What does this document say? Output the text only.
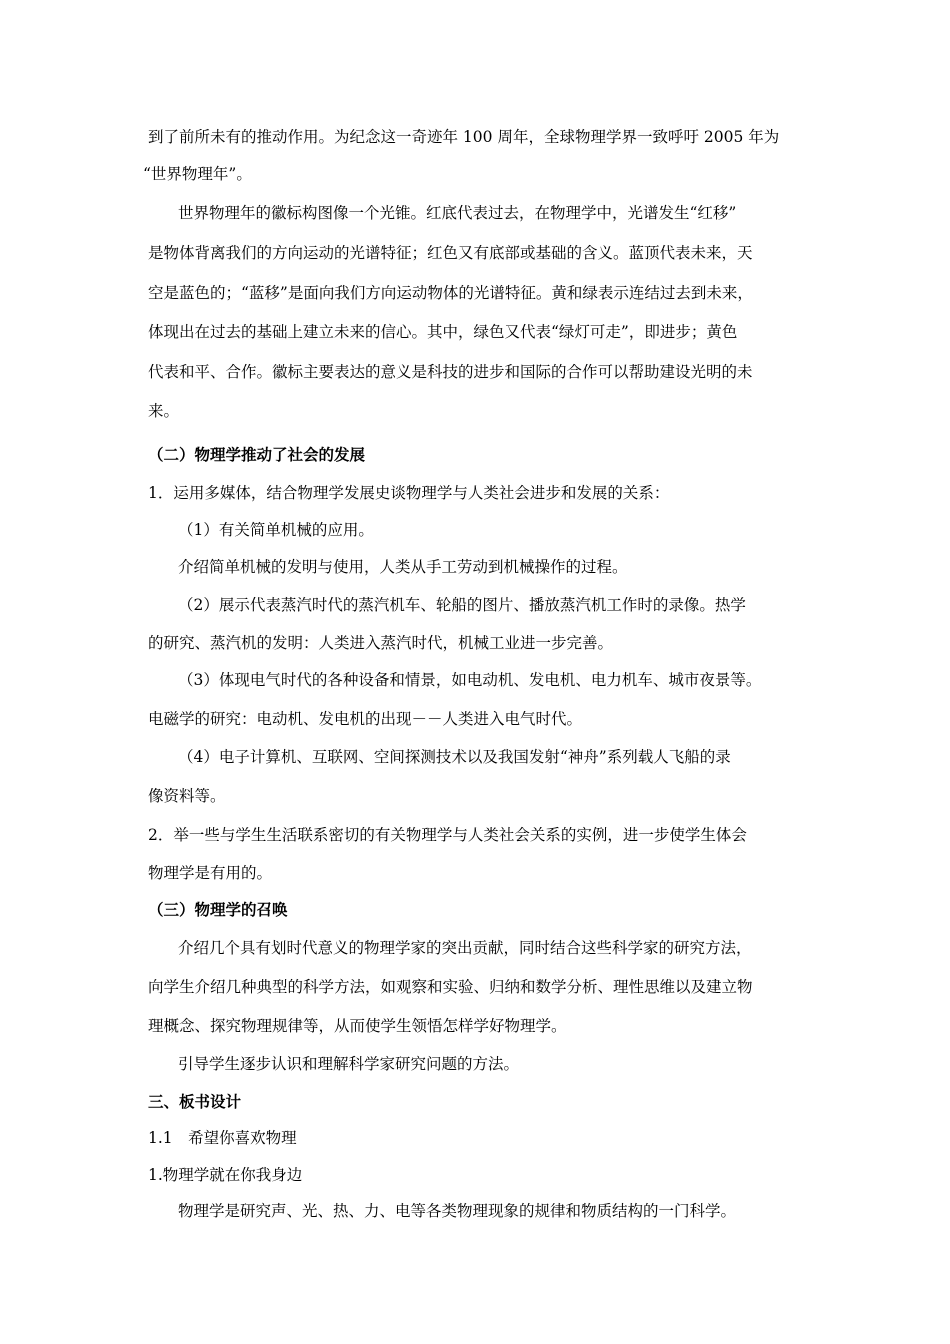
到了前所未有的推动作用。为纪念这一奇迹年 100 周年，全球物理学界一致呼吁 2005 年为
“世界物理年”。
世界物理年的徽标构图像一个光锥。红底代表过去，在物理学中，光谱发生“红移”
是物体背离我们的方向运动的光谱特征；红色又有底部或基础的含义。蓝顶代表未来，天
空是蓝色的；“蓝移”是面向我们方向运动物体的光谱特征。黄和绿表示连结过去到未来，
体现出在过去的基础上建立未来的信心。其中，绿色又代表“绿灯可走”，即进步；黄色
代表和平、合作。徽标主要表达的意义是科技的进步和国际的合作可以帮助建设光明的未
来。
（二）物理学推动了社会的发展
1．运用多媒体，结合物理学发展史谈物理学与人类社会进步和发展的关系：
（1）有关简单机械的应用。
介绍简单机械的发明与使用，人类从手工劳动到机械操作的过程。
（2）展示代表蒸汽时代的蒸汽机车、轮船的图片、播放蒸汽机工作时的录像。热学
的研究、蒸汽机的发明：人类进入蒸汽时代，机械工业进一步完善。
（3）体现电气时代的各种设备和情景，如电动机、发电机、电力机车、城市夜景等。
电磁学的研究：电动机、发电机的出现－－人类进入电气时代。
（4）电子计算机、互联网、空间探测技术以及我国发射“神舟”系列载人飞船的录
像资料等。
2．举一些与学生生活联系密切的有关物理学与人类社会关系的实例，进一步使学生体会
物理学是有用的。
（三）物理学的召唤
介绍几个具有划时代意义的物理学家的突出贡献，同时结合这些科学家的研究方法，
向学生介绍几种典型的科学方法，如观察和实验、归纳和数学分析、理性思维以及建立物
理概念、探究物理规律等，从而使学生领悟怎样学好物理学。
引导学生逐步认识和理解科学家研究问题的方法。
三、板书设计
1.1　希望你喜欢物理
1.物理学就在你我身边
物理学是研究声、光、热、力、电等各类物理现象的规律和物质结构的一门科学。
